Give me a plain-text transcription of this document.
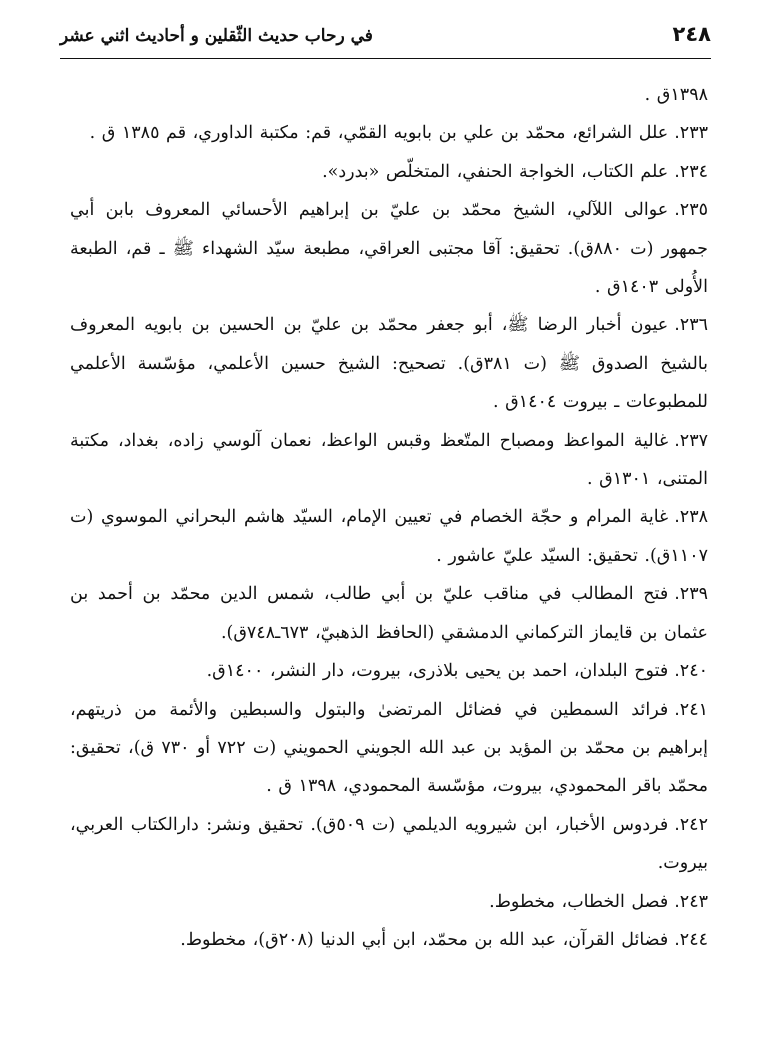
٢٤٨
في رحاب حديث الثّقلين و أحاديث اثني عشر

١٣٩٨ق .

٢٣٣.علل الشرائع، محمّد بن علي بن بابويه القمّي، قم: مكتبة الداوري، قم ١٣٨٥ ق .

٢٣٤.علم الكتاب، الخواجة الحنفي، المتخلّص «بدرد».

٢٣٥.عوالى اللآلي، الشيخ محمّد بن عليّ بن إبراهيم الأحسائي المعروف بابن أبي جمهور (ت ٨٨٠ق). تحقيق: آقا مجتبى العراقي، مطبعة سيّد الشهداء ﷺ ـ قم، الطبعة الأُولى ١٤٠٣ق .

٢٣٦.عيون أخبار الرضا ﷺ، أبو جعفر محمّد بن عليّ بن الحسين بن بابويه المعروف بالشيخ الصدوق ﷺ (ت ٣٨١ق). تصحيح: الشيخ حسين الأعلمي، مؤسّسة الأعلمي للمطبوعات ـ بيروت ١٤٠٤ق .

٢٣٧.غالية المواعظ ومصباح المتّعظ وقبس الواعظ، نعمان آلوسي زاده، بغداد، مكتبة المتنى، ١٣٠١ق .

٢٣٨.غاية المرام و حجّة الخصام في تعيين الإمام، السيّد هاشم البحراني الموسوي (ت ١١٠٧ق). تحقيق: السيّد عليّ عاشور .

٢٣٩.فتح المطالب في مناقب عليّ بن أبي طالب، شمس الدين محمّد بن أحمد بن عثمان بن قايماز التركماني الدمشقي (الحافظ الذهبيّ، ٦٧٣ـ٧٤٨ق).

٢٤٠.فتوح البلدان، احمد بن يحيى بلاذرى، بيروت، دار النشر، ١٤٠٠ق.

٢٤١.فرائد السمطين في فضائل المرتضىٰ والبتول والسبطين والأئمة من ذريتهم، إبراهيم بن محمّد بن المؤيد بن عبد الله الجويني الحمويني (ت ٧٢٢ أو ٧٣٠ ق)، تحقيق: محمّد باقر المحمودي، بيروت، مؤسّسة المحمودي، ١٣٩٨ ق .

٢٤٢.فردوس الأخبار، ابن شيرويه الديلمي (ت ٥٠٩ق). تحقيق ونشر: دارالكتاب العربي، بيروت.

٢٤٣.فصل الخطاب، مخطوط.

٢٤٤.فضائل القرآن، عبد الله بن محمّد، ابن أبي الدنيا (٢٠٨ق)، مخطوط.
